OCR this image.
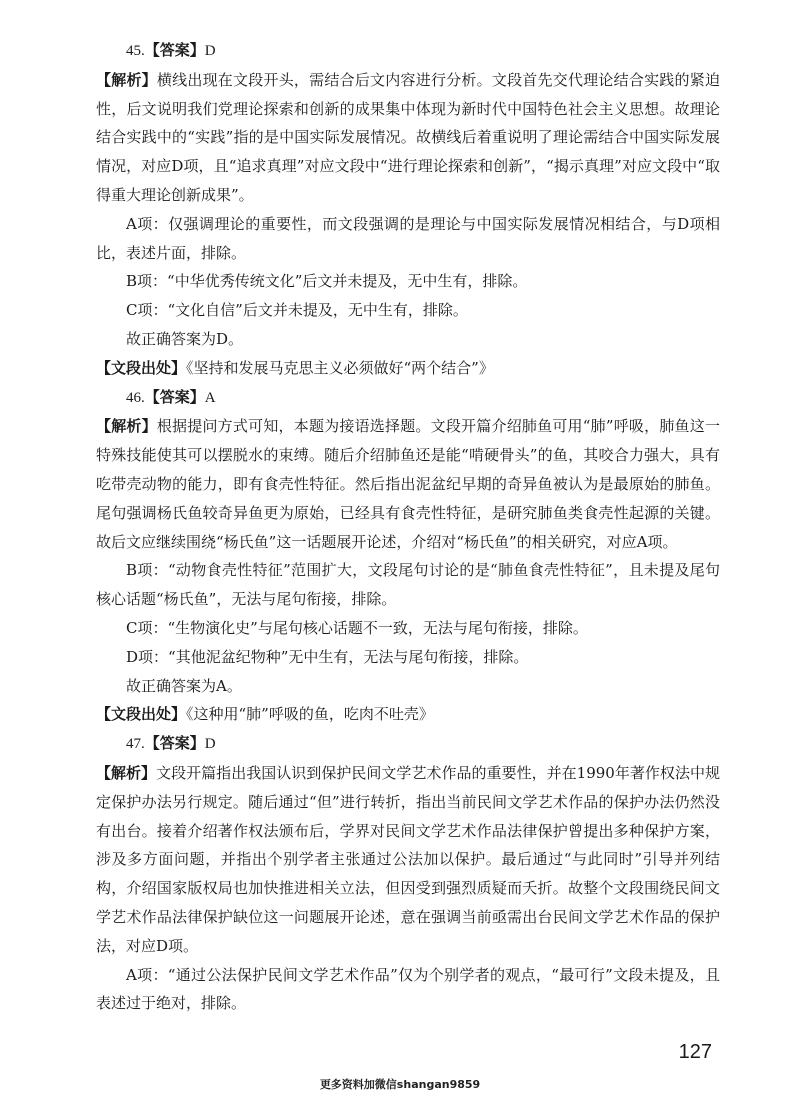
45.【答案】D

【解析】横线出现在文段开头，需结合后文内容进行分析。文段首先交代理论结合实践的紧迫性，后文说明我们党理论探索和创新的成果集中体现为新时代中国特色社会主义思想。故理论结合实践中的“实践”指的是中国实际发展情况。故横线后着重说明了理论需结合中国实际发展情况，对应D项，且“追求真理”对应文段中“进行理论探索和创新”，“揭示真理”对应文段中“取得重大理论创新成果”。

A项：仅强调理论的重要性，而文段强调的是理论与中国实际发展情况相结合，与D项相比，表述片面，排除。

B项：“中华优秀传统文化”后文并未提及，无中生有，排除。

C项：“文化自信”后文并未提及，无中生有，排除。

故正确答案为D。

【文段出处】《坚持和发展马克思主义必须做好“两个结合”》

46.【答案】A

【解析】根据提问方式可知，本题为接语选择题。文段开篇介绍肺鱼可用“肺”呼吸，肺鱼这一特殊技能使其可以摆脱水的束缚。随后介绍肺鱼还是能“啃硬骨头”的鱼，其咬合力强大，具有吃带壳动物的能力，即有食壳性特征。然后指出泥盆纪早期的奇异鱼被认为是最原始的肺鱼。尾句强调杨氏鱼较奇异鱼更为原始，已经具有食壳性特征，是研究肺鱼类食壳性起源的关键。故后文应继续围绕“杨氏鱼”这一话题展开论述，介绍对“杨氏鱼”的相关研究，对应A项。

B项：“动物食壳性特征”范围扩大，文段尾句讨论的是“肺鱼食壳性特征”，且未提及尾句核心话题“杨氏鱼”，无法与尾句衔接，排除。

C项：“生物演化史”与尾句核心话题不一致，无法与尾句衔接，排除。

D项：“其他泥盆纪物种”无中生有，无法与尾句衔接，排除。

故正确答案为A。

【文段出处】《这种用“肺”呼吸的鱼，吃肉不吐壳》

47.【答案】D

【解析】文段开篇指出我国认识到保护民间文学艺术作品的重要性，并在1990年著作权法中规定保护办法另行规定。随后通过“但”进行转折，指出当前民间文学艺术作品的保护办法仍然没有出台。接着介绍著作权法颁布后，学界对民间文学艺术作品法律保护曾提出多种保护方案，涉及多方面问题，并指出个别学者主张通过公法加以保护。最后通过“与此同时”引导并列结构，介绍国家版权局也加快推进相关立法，但因受到强烈质疑而夭折。故整个文段围绕民间文学艺术作品法律保护缺位这一问题展开论述，意在强调当前亟需出台民间文学艺术作品的保护法，对应D项。

A项：“通过公法保护民间文学艺术作品”仅为个别学者的观点，“最可行”文段未提及，且表述过于绝对，排除。

127
更多资料加微信shangan9859
